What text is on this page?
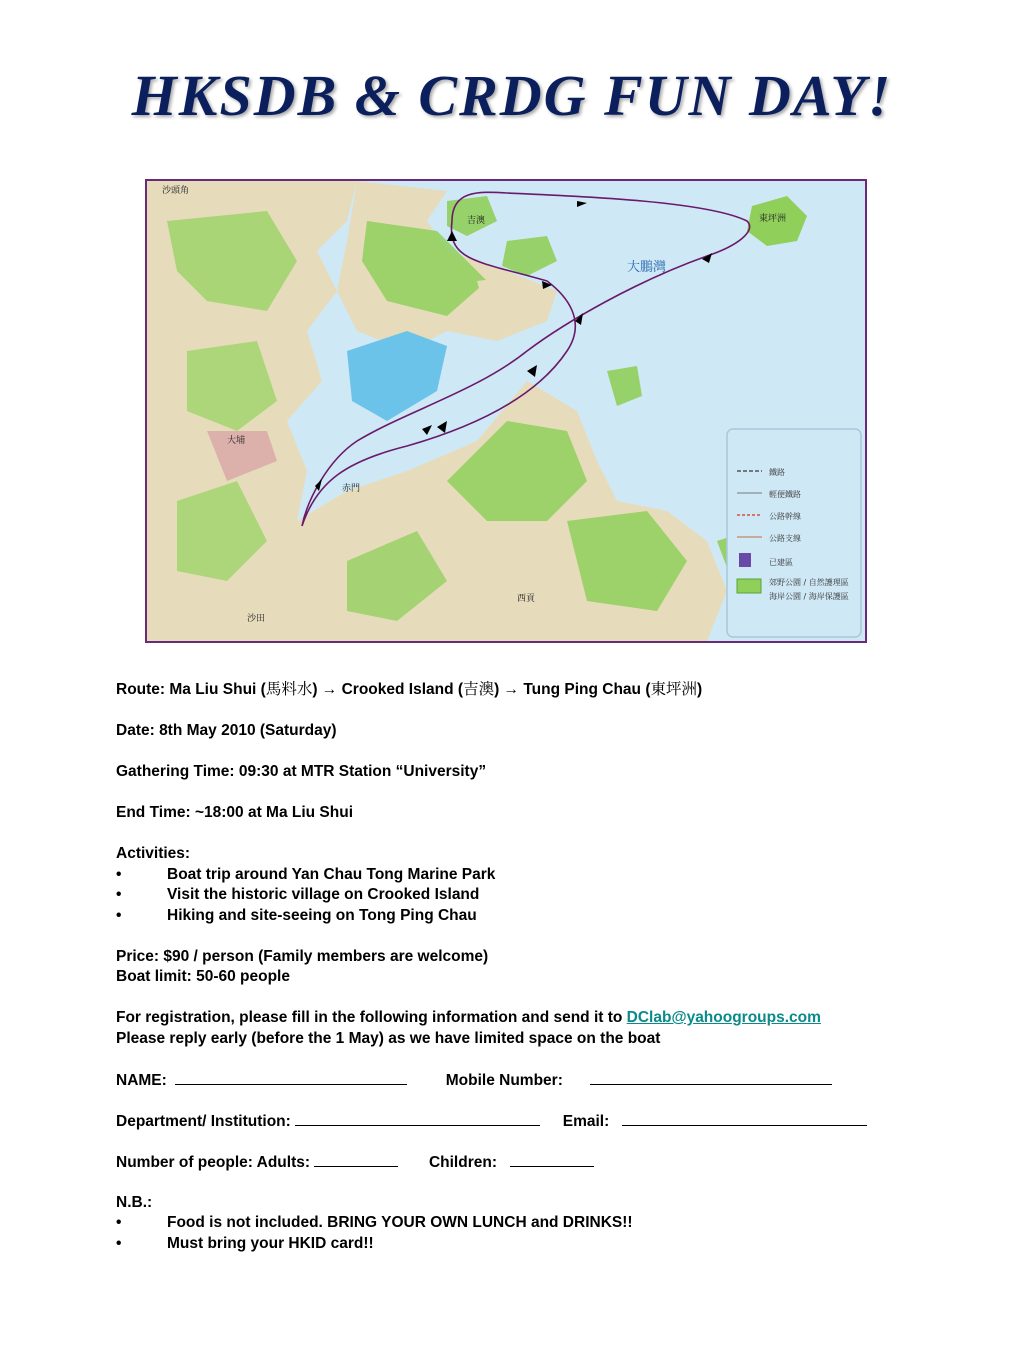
HKSDB & CRDG FUN DAY!
鐵路
輕便鐵路
公路幹線
公路支線
已建區
郊野公園 / 自然護理區
海岸公園 / 海岸保護區
沙頭角
大鵬灣
吉澳	東坪洲
大埔
沙田
西貢
赤門
Route: Ma Liu Shui (馬料水) → Crooked Island (吉澳) → Tung Ping Chau (東坪洲)
Date: 8th May 2010 (Saturday)
Gathering Time: 09:30 at MTR Station “University”
End Time: ~18:00 at Ma Liu Shui
Activities:
•	Boat trip around Yan Chau Tong Marine Park
•	Visit the historic village on Crooked Island
•	Hiking and site-seeing on Tong Ping Chau
Price: $90 / person (Family members are welcome)
Boat limit: 50-60 people
For registration, please fill in the following information and send it to DClab@yahoogroups.com
Please reply early (before the 1 May) as we have limited space on the boat
NAME:	Mobile Number:
Department/ Institution:	Email:
Number of people: Adults:	Children:
N.B.:
•	Food is not included. BRING YOUR OWN LUNCH and DRINKS!!
•	Must bring your HKID card!!
